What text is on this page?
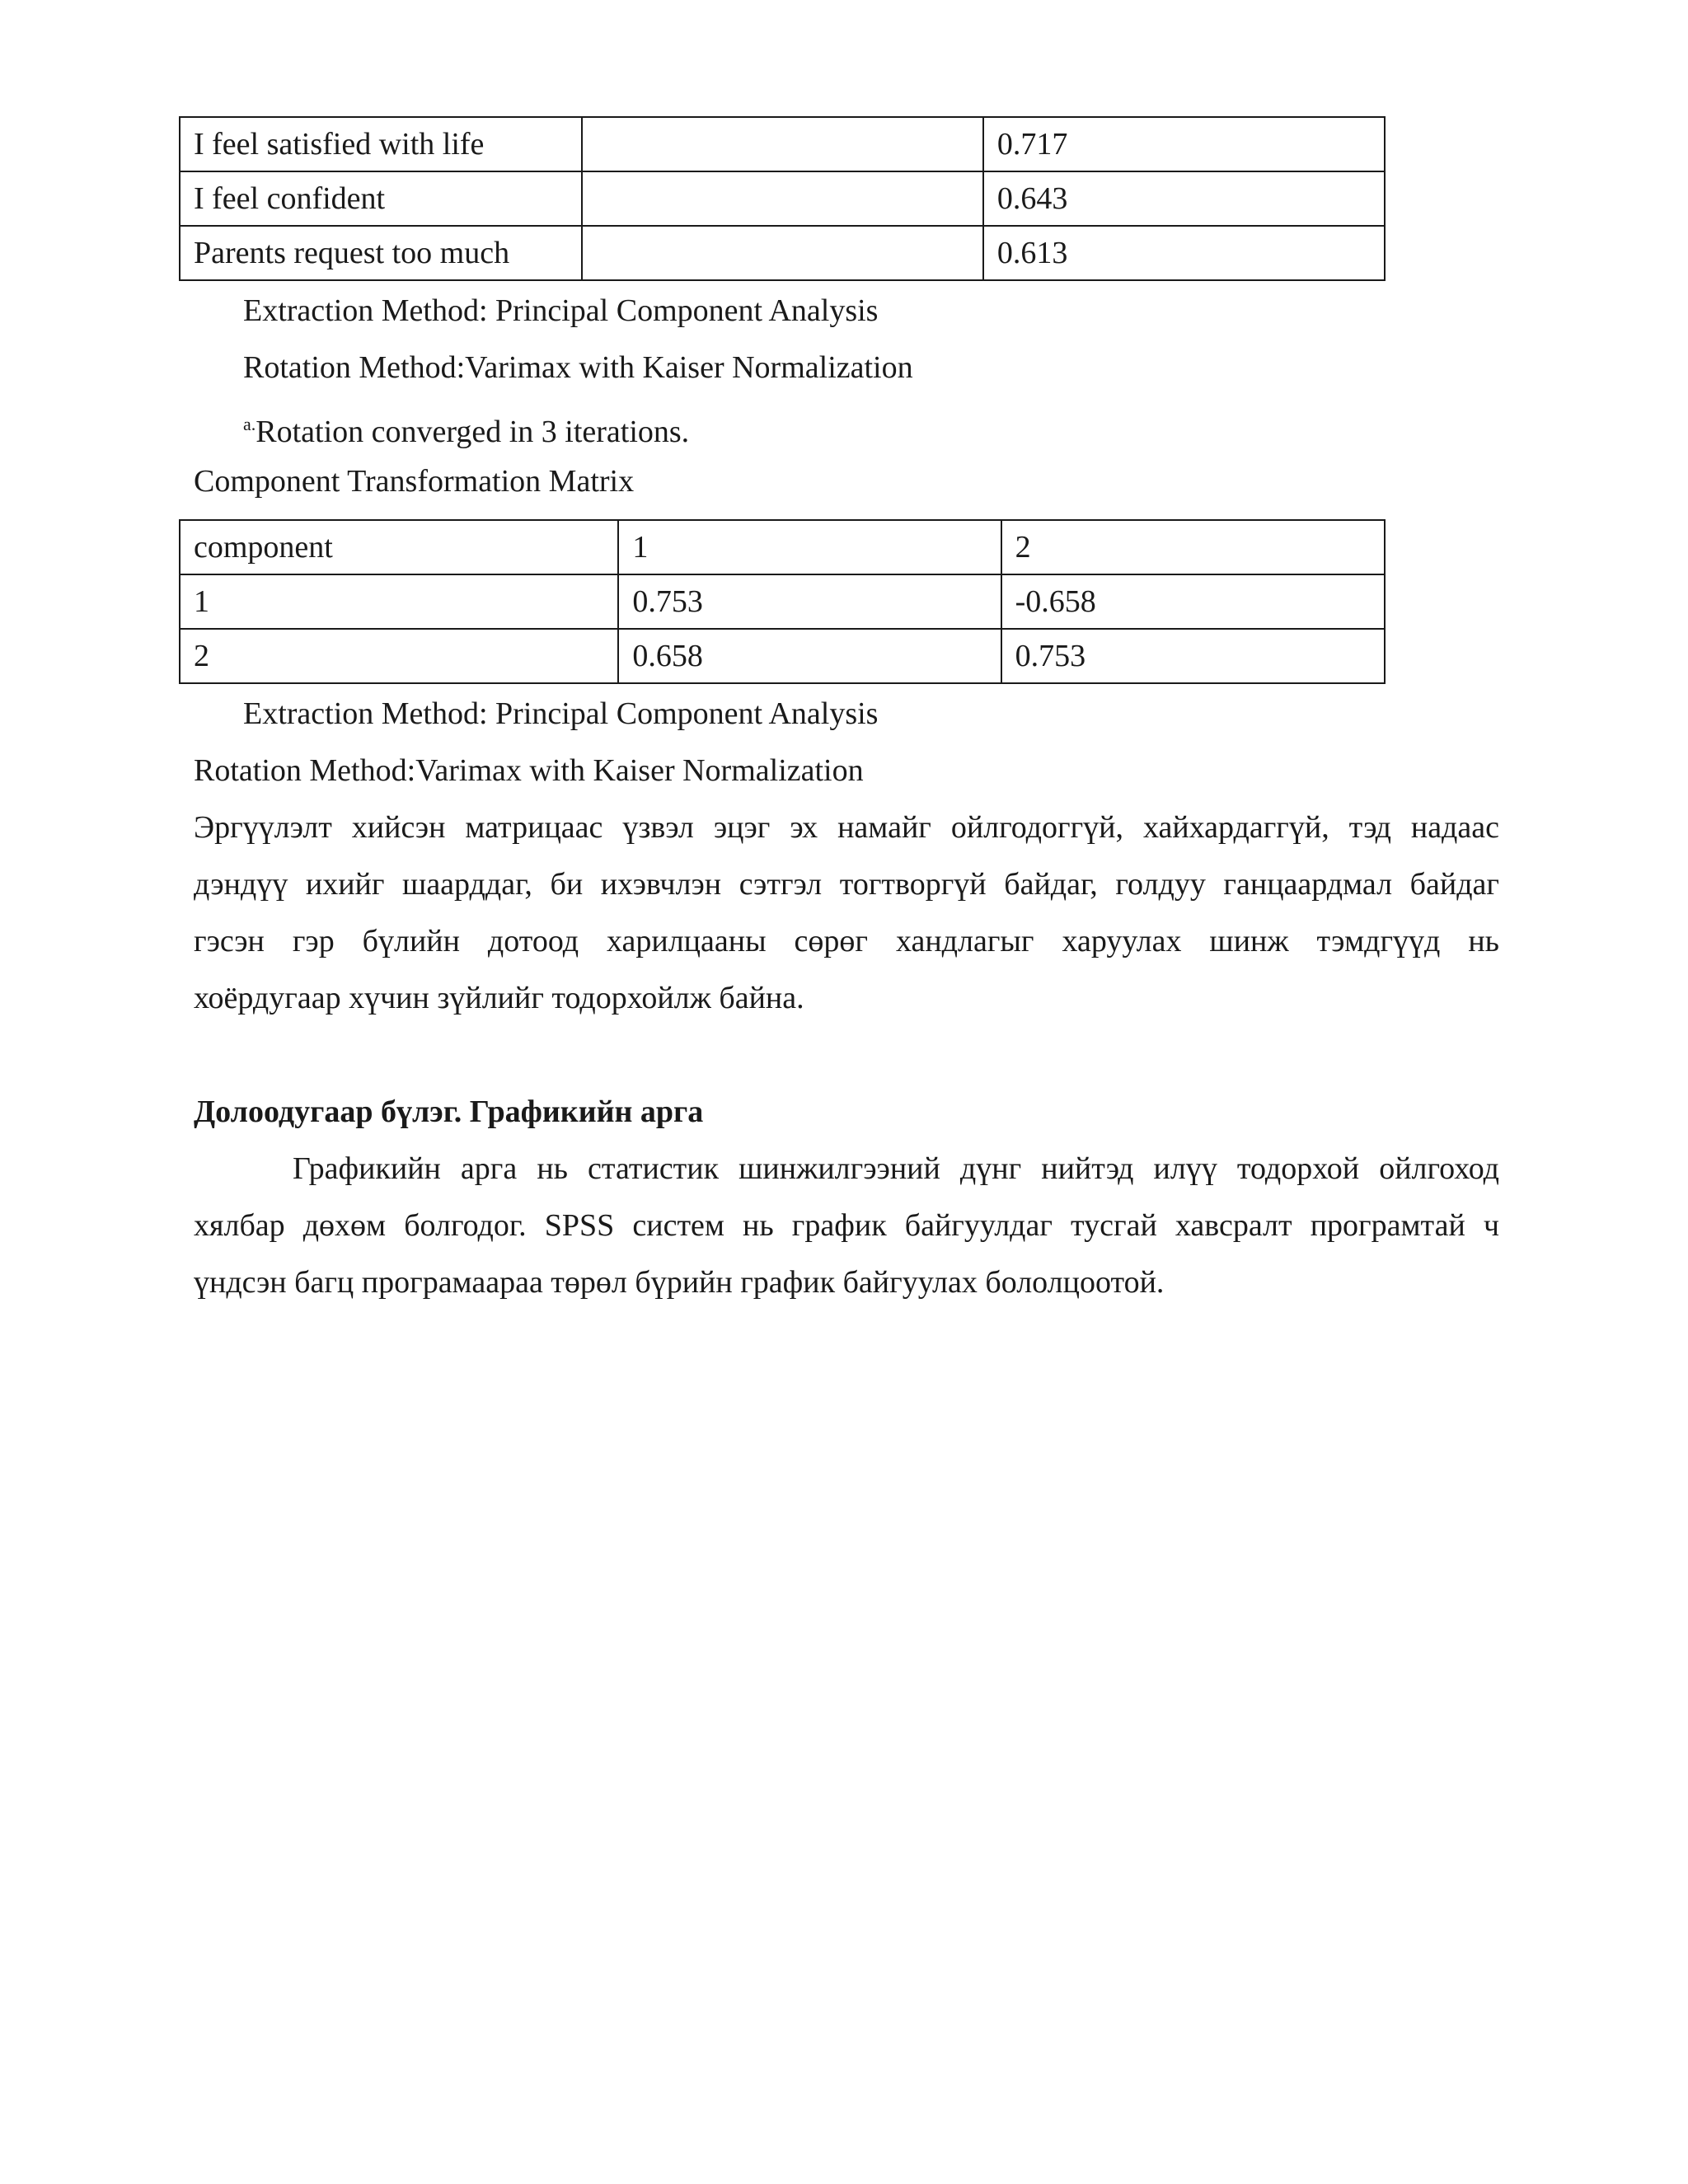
I feel satisfied with life		0.717
I feel confident		0.643
Parents request too much		0.613
Extraction Method: Principal Component Analysis
Rotation Method:Varimax with Kaiser Normalization
$^{a.}$Rotation converged in 3 iterations.
Component Transformation Matrix
component	1	2
1	0.753	-0.658
2	0.658	0.753
Extraction Method: Principal Component Analysis
Rotation Method:Varimax with Kaiser Normalization
Эргүүлэлт хийсэн матрицаас үзвэл эцэг эх намайг ойлгодоггүй, хайхардаггүй, тэд надаас
дэндүү ихийг шаарддаг, би ихэвчлэн сэтгэл тогтворгүй байдаг, голдуу ганцаардмал байдаг
гэсэн гэр бүлийн дотоод харилцааны сөрөг хандлагыг харуулах шинж тэмдгүүд нь
хоёрдугаар хүчин зүйлийг тодорхойлж байна.
Долоодугаар бүлэг. Графикийн арга
Графикийн арга нь статистик шинжилгээний дүнг нийтэд илүү тодорхой ойлгоход
хялбар дөхөм болгодог. SPSS систем нь график байгуулдаг тусгай хавсралт програмтай ч
үндсэн багц програмаараа төрөл бүрийн график байгуулах бололцоотой.
